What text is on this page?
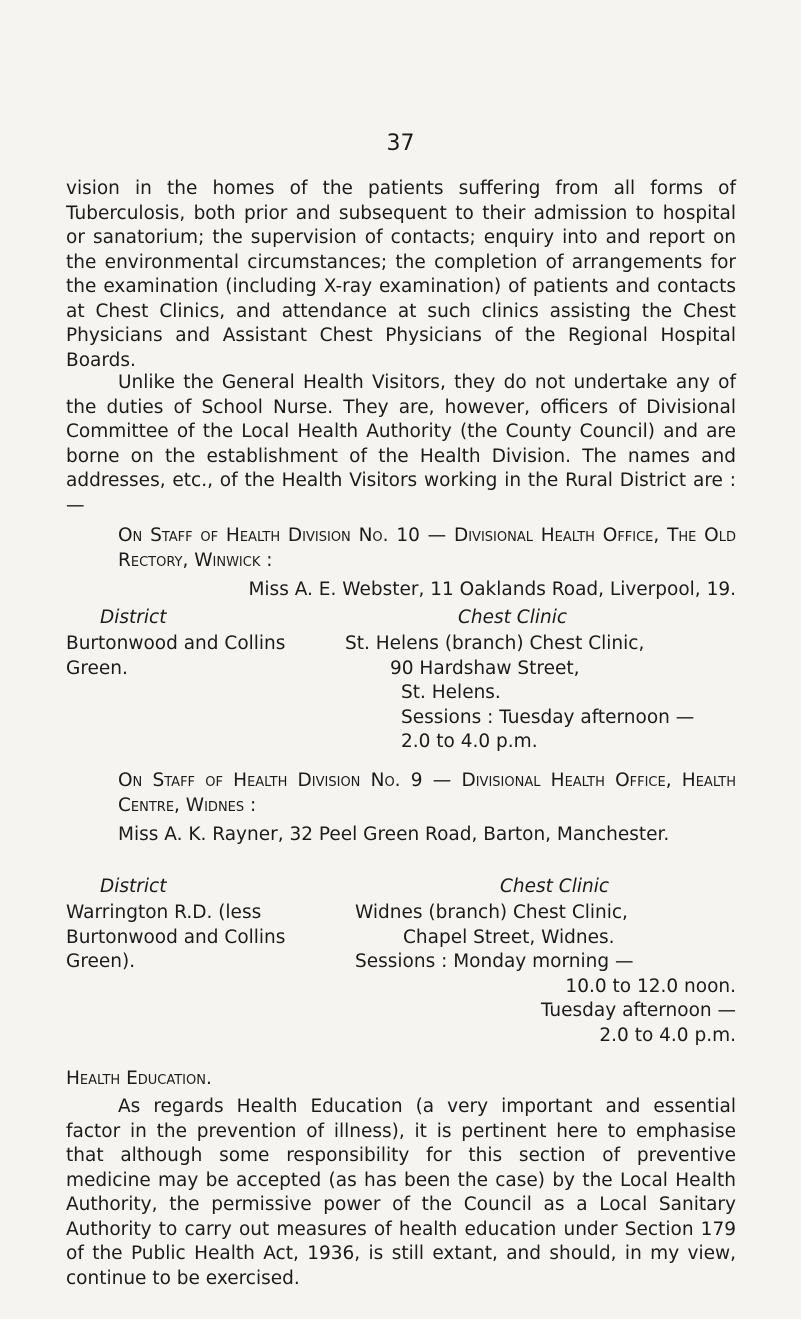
37
vision in the homes of the patients suffering from all forms of Tuberculosis, both prior and subsequent to their admission to hospital or sanatorium; the supervision of contacts; enquiry into and report on the environmental circumstances; the completion of arrangements for the examination (including X-ray examination) of patients and contacts at Chest Clinics, and attendance at such clinics assisting the Chest Physicians and Assistant Chest Physicians of the Regional Hospital Boards.
Unlike the General Health Visitors, they do not undertake any of the duties of School Nurse. They are, however, officers of Divisional Committee of the Local Health Authority (the County Council) and are borne on the establishment of the Health Division. The names and addresses, etc., of the Health Visitors working in the Rural District are :—
On Staff of Health Division No. 10 — Divisional Health Office, The Old Rectory, Winwick :
Miss A. E. Webster, 11 Oaklands Road, Liverpool, 19.
District	Chest Clinic
Burtonwood and Collins
Green.
St. Helens (branch) Chest Clinic,
90 Hardshaw Street,
St. Helens.
Sessions : Tuesday afternoon —
2.0 to 4.0 p.m.
On Staff of Health Division No. 9 — Divisional Health Office, Health Centre, Widnes :
Miss A. K. Rayner, 32 Peel Green Road, Barton, Manchester.
District	Chest Clinic
Warrington R.D. (less
Burtonwood and Collins
Green).
Widnes (branch) Chest Clinic,
Chapel Street, Widnes.
Sessions : Monday morning —
10.0 to 12.0 noon.
Tuesday afternoon —
2.0 to 4.0 p.m.
Health Education.
As regards Health Education (a very important and essential factor in the prevention of illness), it is pertinent here to emphasise that although some responsibility for this section of preventive medicine may be accepted (as has been the case) by the Local Health Authority, the permissive power of the Council as a Local Sanitary Authority to carry out measures of health education under Section 179 of the Public Health Act, 1936, is still extant, and should, in my view, continue to be exercised.
